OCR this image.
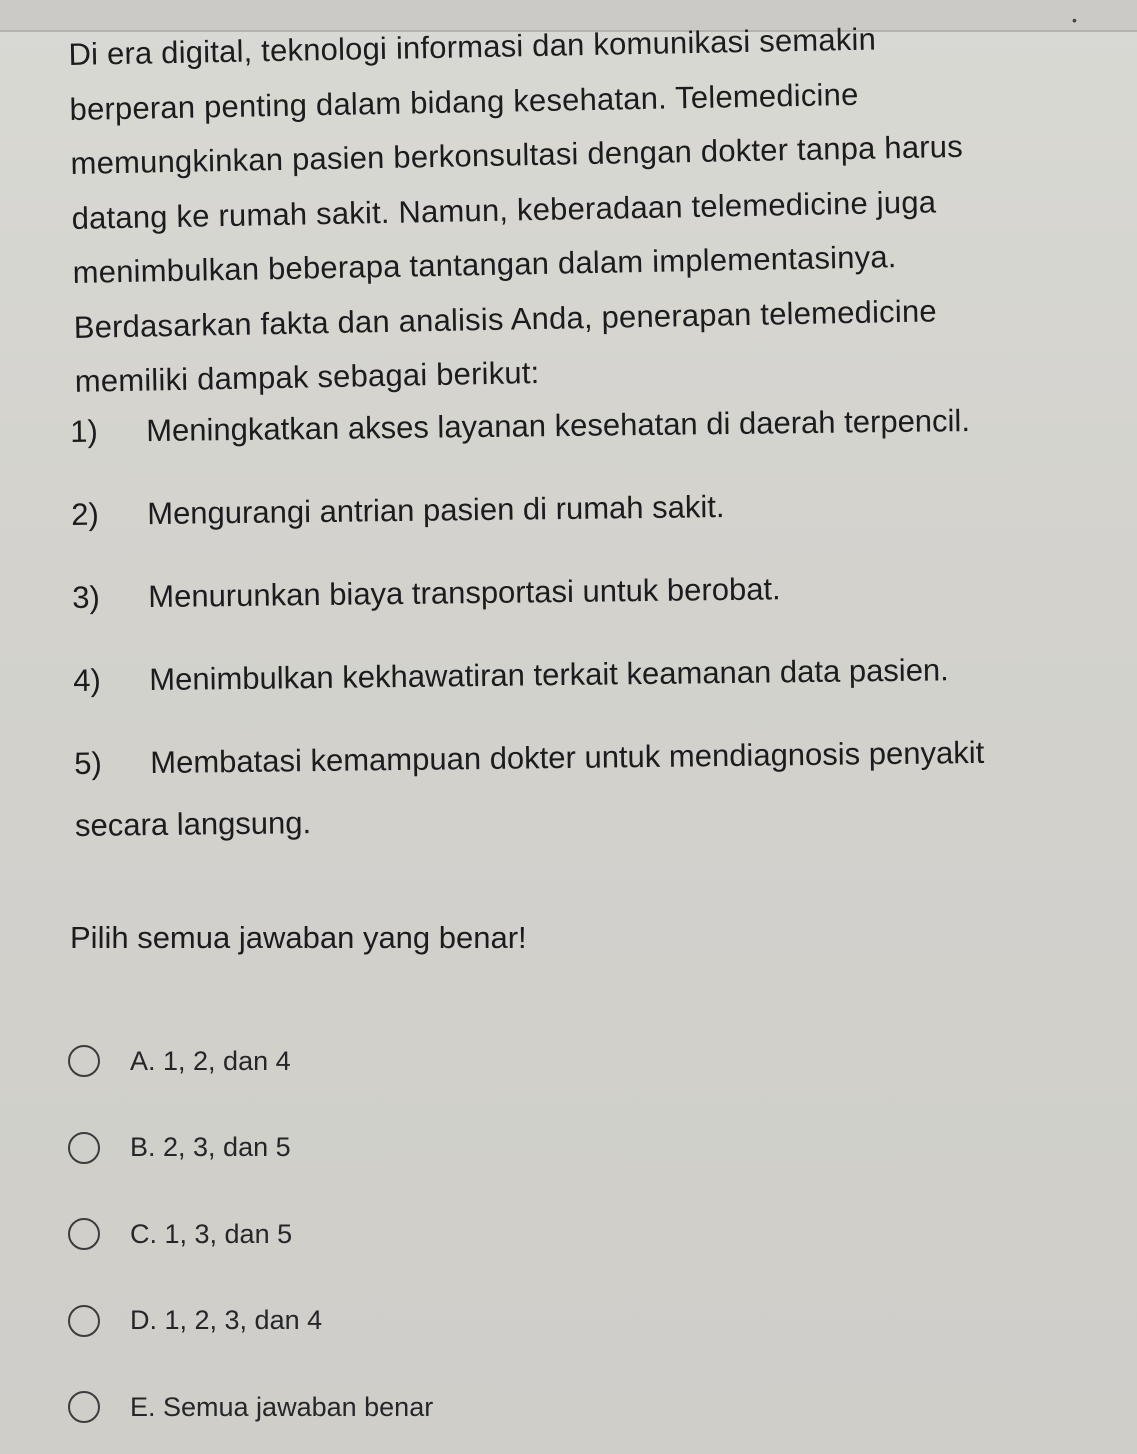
•
Di era digital, teknologi informasi dan komunikasi semakin
berperan penting dalam bidang kesehatan. Telemedicine
memungkinkan pasien berkonsultasi dengan dokter tanpa harus
datang ke rumah sakit. Namun, keberadaan telemedicine juga
menimbulkan beberapa tantangan dalam implementasinya.
Berdasarkan fakta dan analisis Anda, penerapan telemedicine
memiliki dampak sebagai berikut:
1)	Meningkatkan akses layanan kesehatan di daerah terpencil.
2)	Mengurangi antrian pasien di rumah sakit.
3)	Menurunkan biaya transportasi untuk berobat.
4)	Menimbulkan kekhawatiran terkait keamanan data pasien.
5)	Membatasi kemampuan dokter untuk mendiagnosis penyakit
secara langsung.
Pilih semua jawaban yang benar!
A. 1, 2, dan 4
B. 2, 3, dan 5
C. 1, 3, dan 5
D. 1, 2, 3, dan 4
E. Semua jawaban benar
